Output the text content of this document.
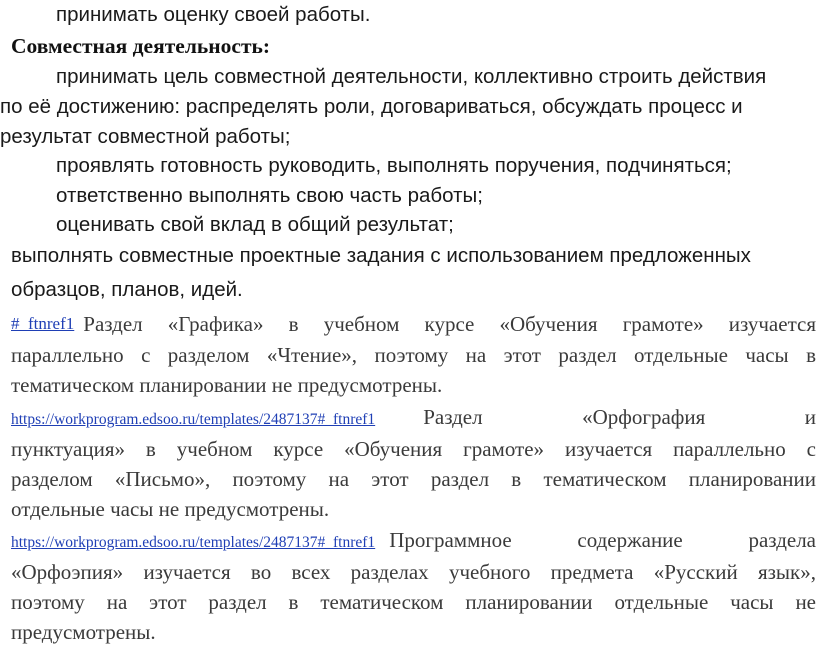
принимать оценку своей работы.
Совместная деятельность:
принимать цель совместной деятельности, коллективно строить действия
по её достижению: распределять роли, договариваться, обсуждать процесс и
результат совместной работы;
проявлять готовность руководить, выполнять поручения, подчиняться;
ответственно выполнять свою часть работы;
оценивать свой вклад в общий результат;
выполнять совместные проектные задания с использованием предложенных
образцов, планов, идей.
#_ftnref1 Раздел «Графика» в учебном курсе «Обучения грамоте» изучается
параллельно с разделом «Чтение», поэтому на этот раздел отдельные часы в
тематическом планировании не предусмотрены.
https://workprogram.edsoo.ru/templates/2487137#_ftnref1 Раздел «Орфография и
пунктуация» в учебном курсе «Обучения грамоте» изучается параллельно с
разделом «Письмо», поэтому на этот раздел в тематическом планировании
отдельные часы не предусмотрены.
https://workprogram.edsoo.ru/templates/2487137#_ftnref1 Программное содержание раздела
«Орфоэпия» изучается во всех разделах учебного предмета «Русский язык»,
поэтому на этот раздел в тематическом планировании отдельные часы не
предусмотрены.
